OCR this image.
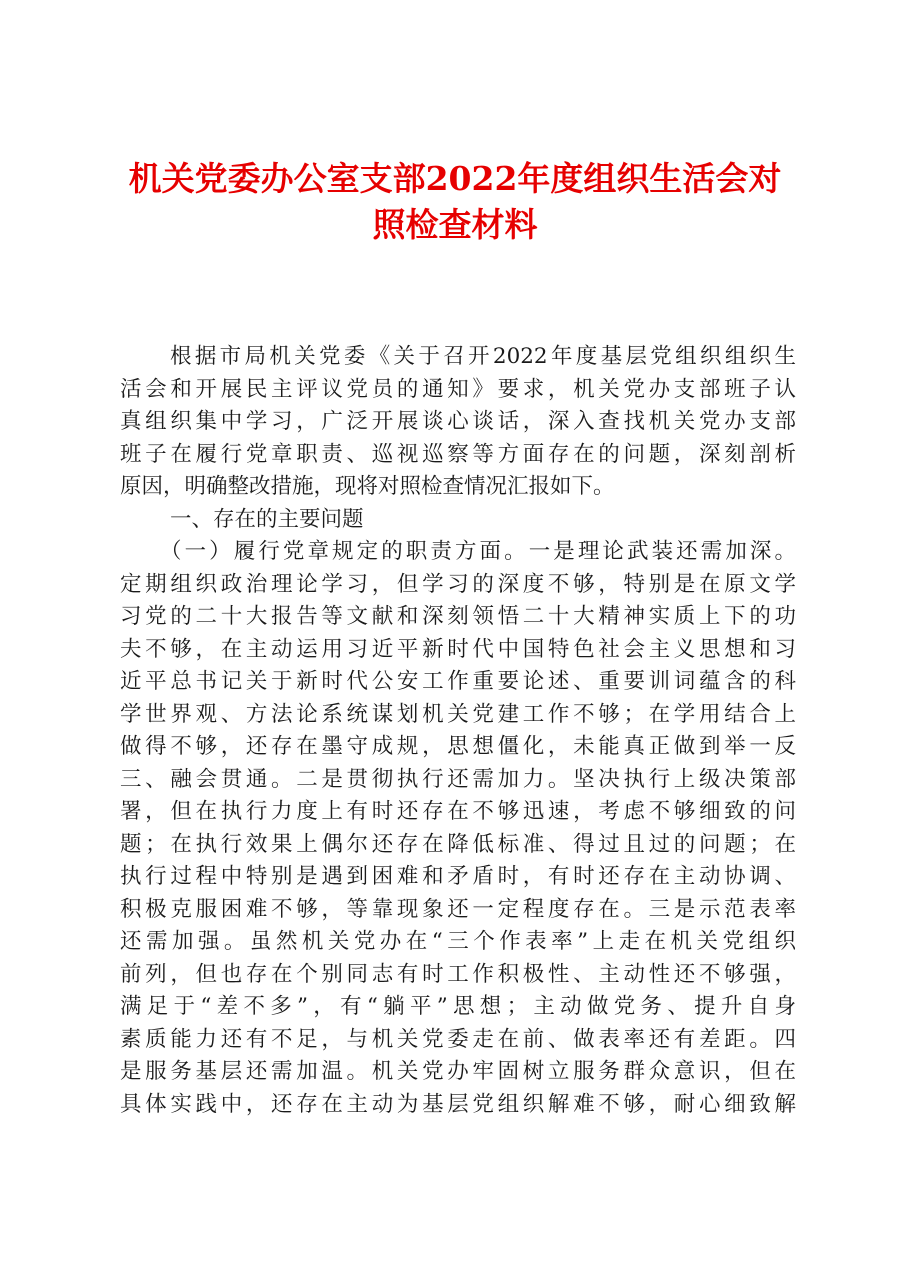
机关党委办公室支部2022年度组织生活会对
照检查材料
根据市局机关党委《关于召开2022年度基层党组织组织生
活会和开展民主评议党员的通知》要求，机关党办支部班子认
真组织集中学习，广泛开展谈心谈话，深入查找机关党办支部
班子在履行党章职责、巡视巡察等方面存在的问题，深刻剖析
原因，明确整改措施，现将对照检查情况汇报如下。
一、存在的主要问题
（一）履行党章规定的职责方面。一是理论武装还需加深。
定期组织政治理论学习，但学习的深度不够，特别是在原文学
习党的二十大报告等文献和深刻领悟二十大精神实质上下的功
夫不够，在主动运用习近平新时代中国特色社会主义思想和习
近平总书记关于新时代公安工作重要论述、重要训词蕴含的科
学世界观、方法论系统谋划机关党建工作不够；在学用结合上
做得不够，还存在墨守成规，思想僵化，未能真正做到举一反
三、融会贯通。二是贯彻执行还需加力。坚决执行上级决策部
署，但在执行力度上有时还存在不够迅速，考虑不够细致的问
题；在执行效果上偶尔还存在降低标准、得过且过的问题；在
执行过程中特别是遇到困难和矛盾时，有时还存在主动协调、
积极克服困难不够，等靠现象还一定程度存在。三是示范表率
还需加强。虽然机关党办在“三个作表率”上走在机关党组织
前列，但也存在个别同志有时工作积极性、主动性还不够强，
满足于“差不多”，有“躺平”思想；主动做党务、提升自身
素质能力还有不足，与机关党委走在前、做表率还有差距。四
是服务基层还需加温。机关党办牢固树立服务群众意识，但在
具体实践中，还存在主动为基层党组织解难不够，耐心细致解
